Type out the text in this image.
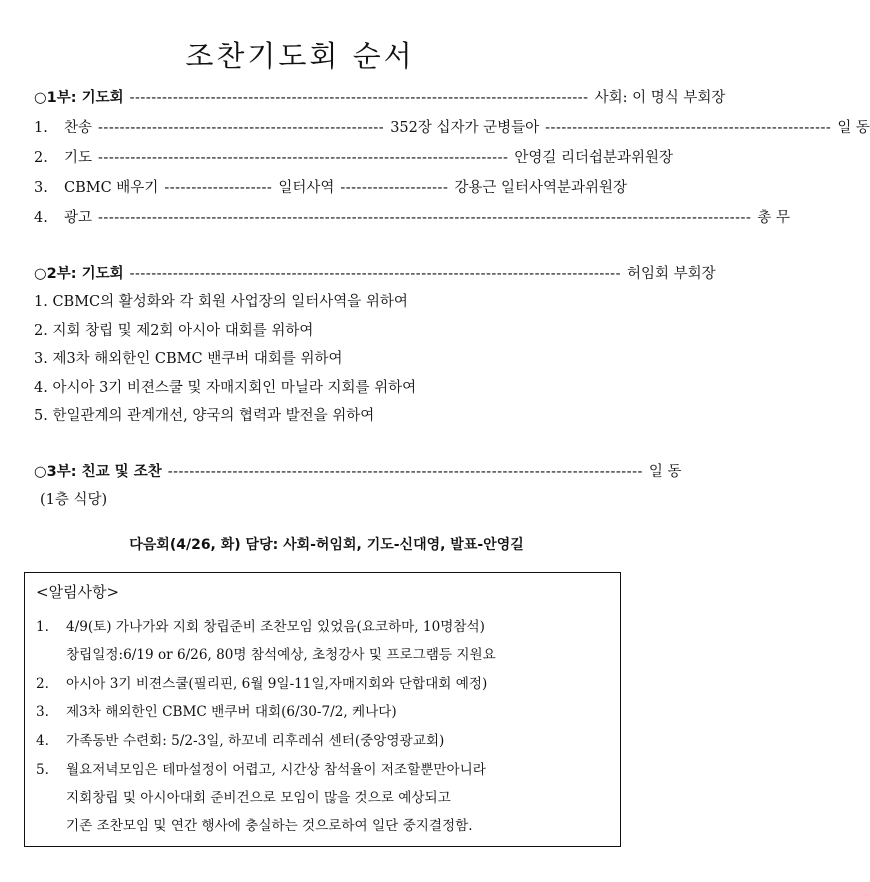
조찬기도회 순서
○1부: 기도회 ------------------------------------------------------------------------------------- 사회: 이 명식 부회장
1.	찬송 ----------------------------------------------------- 352장 십자가 군병들아 ----------------------------------------------------- 일 동
2.	기도 ---------------------------------------------------------------------------- 안영길 리더쉽분과위원장
3.	CBMC 배우기 -------------------- 일터사역 -------------------- 강용근 일터사역분과위원장
4.	광고 ------------------------------------------------------------------------------------------------------------------------- 총 무
○2부: 기도회 ------------------------------------------------------------------------------------------- 허임회 부회장
1. CBMC의 활성화와 각 회원 사업장의 일터사역을 위하여
2. 지회 창립 및 제2회 아시아 대회를 위하여
3. 제3차 해외한인 CBMC 밴쿠버 대회를 위하여
4. 아시아 3기 비젼스쿨 및 자매지회인 마닐라 지회를 위하여
5. 한일관계의 관계개선, 양국의 협력과 발전을 위하여
○3부: 친교 및 조찬 ---------------------------------------------------------------------------------------- 일 동
(1층 식당)
다음회(4/26, 화) 담당: 사회-허임회, 기도-신대영, 발표-안영길
<알림사항>
1. 4/9(토) 가나가와 지회 창립준비 조찬모임 있었음(요코하마, 10명참석)
창립일정:6/19 or 6/26, 80명 참석예상, 초청강사 및 프로그램등 지원요
2. 아시아 3기 비젼스쿨(필리핀, 6월 9일-11일,자매지회와 단합대회 예정)
3. 제3차 해외한인 CBMC 밴쿠버 대회(6/30-7/2, 케나다)
4. 가족동반 수련회: 5/2-3일, 하꼬네 리후레쉬 센터(중앙영광교회)
5. 월요저녁모임은 테마설정이 어렵고, 시간상 참석율이 저조할뿐만아니라
지회창립 및 아시아대회 준비건으로 모임이 많을 것으로 예상되고
기존 조찬모임 및 연간 행사에 충실하는 것으로하여 일단 중지결정함.
